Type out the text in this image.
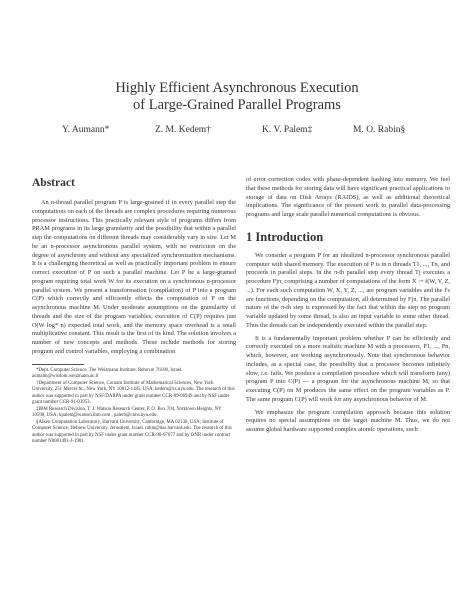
Highly Efficient Asynchronous Execution
of Large-Grained Parallel Programs
Y. Aumann*	Z. M. Kedem†	K. V. Palem‡	M. O. Rabin§
Abstract

An n-thread parallel program P is large-grained if in every parallel step the computations on each of the threads are complex procedures requiring numerous processor instructions. This practically relevant style of programs differs from PRAM programs in its large granularity and the possibility that within a parallel step the computations on different threads may considerably vary in size. Let M be an n-processor asynchronous parallel system, with no restriction on the degree of asynchrony and without any specialized synchronization mechanisms. It is a challenging theoretical as well as practically important problem to ensure correct execution of P on such a parallel machine. Let P be a large-grained program requiring total work W for its execution on a synchronous n-processor parallel system. We present a transformation (compilation) of P into a program C(P) which correctly and efficiently effects the computation of P on the asynchronous machine M. Under moderate assumptions on the granularity of threads and the size of the program variables, execution of C(P) requires just O(W log* n) expected total work, and the memory space overhead is a small multiplicative constant. This result is the first of its kind. The solution involves a number of new concepts and methods. These include methods for storing program and control variables, employing a combination

*Dept. Computer Science, The Weizmann Institute, Rehovot 76100, Israel. aumann@wisdom.weizmann.ac.il

†Department of Computer Science, Courant Institute of Mathematical Sciences, New York University, 251 Mercer St., New York, NY 10012-1185, USA; kedem@cs.nyu.edu. The research of this author was supported in part by NSF/DARPA under grant number CCR-89-06949 and by NSF under grant number CCR-91-03953.

‡IBM Research Division, T. J. Watson Research Center, P. O. Box 704, Yorktown Heights, NY 10598, USA; kpalem@watson.ibm.com , palem@cims.nyu.edu.

§Aiken Computation Laboratory, Harvard University, Cambridge, MA 02138, USA; Institute of Computer Science, Hebrew University, Jerusalem, Israel. rabin@das.harvard.edu. The research of this author was supported in part by NSF under grant number CCR-90-07677 and by ONR under contract number N0001491-J-1981.

of error correction codes with phase-dependent hashing into memory. We feel that these methods for storing data will have significant practical applications to storage of data on Disk Arrays (RAIDS), as well as additional theoretical implications. The significance of the present work to parallel data-processing programs and large scale parallel numerical computations is obvious.

1 Introduction

We consider a program P for an idealized n-processor synchronous parallel computer with shared memory. The execution of P is in n threads T1, ..., Tn, and proceeds in parallel steps. In the π-th parallel step every thread Tj executes a procedure Fjπ, comprising a number of computations of the form X := f(W, Y, Z, ...). For each such computation W, X, Y, Z, ..., are program variables and the f's are functions, depending on the computation, all determined by Fjπ. The parallel nature of the π-th step is expressed by the fact that within the step no program variable updated by some thread, is also an input variable to some other thread. Thus the threads can be independently executed within the parallel step.

It is a fundamentally important problem whether P can be efficiently and correctly executed on a more realistic machine M with n processors, P1, ..., Pn, which, however, are working asynchronously. Note that synchronous behavior includes, as a special case, the possibility that a processor becomes infinitely slow, i.e. fails. We produce a compilation procedure which will transform (any) program P into C(P) — a program for the asynchronous machine M, so that executing C(P) on M produces the same effect on the program variables as P. The same program C(P) will work for any asynchronous behavior of M.

We emphasize the program compilation approach because this solution requires no special assumptions on the target machine M. Thus, we do not assume global hardware supported complex atomic operations, such
